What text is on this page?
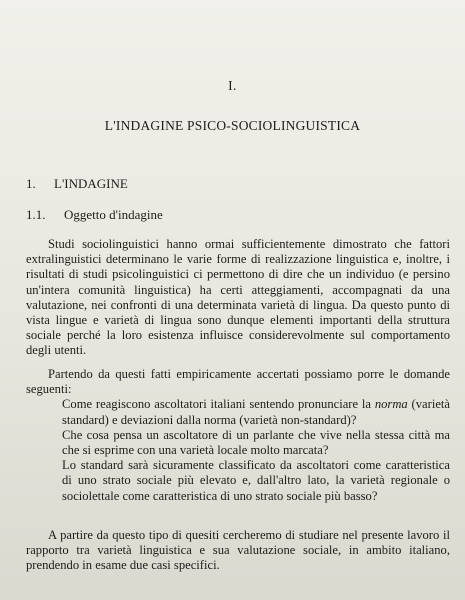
I.
L'INDAGINE PSICO-SOCIOLINGUISTICA
1. L'INDAGINE
1.1. Oggetto d'indagine

Studi sociolinguistici hanno ormai sufficientemente dimostrato che fattori extralinguistici determinano le varie forme di realizzazione linguistica e, inoltre, i risultati di studi psicolinguistici ci permettono di dire che un individuo (e persino un'intera comunità linguistica) ha certi atteggiamenti, accompagnati da una valutazione, nei confronti di una determinata varietà di lingua. Da questo punto di vista lingue e varietà di lingua sono dunque elementi importanti della struttura sociale perché la loro esistenza influisce considerevolmente sul comportamento degli utenti.

Partendo da questi fatti empiricamente accertati possiamo porre le domande seguenti:

Come reagiscono ascoltatori italiani sentendo pronunciare la norma (varietà standard) e deviazioni dalla norma (varietà non-standard)?
Che cosa pensa un ascoltatore di un parlante che vive nella stessa città ma che si esprime con una varietà locale molto marcata?
Lo standard sarà sicuramente classificato da ascoltatori come caratteristica di uno strato sociale più elevato e, dall'altro lato, la varietà regionale o sociolettale come caratteristica di uno strato sociale più basso?

A partire da questo tipo di quesiti cercheremo di studiare nel presente lavoro il rapporto tra varietà linguistica e sua valutazione sociale, in ambito italiano, prendendo in esame due casi specifici.
